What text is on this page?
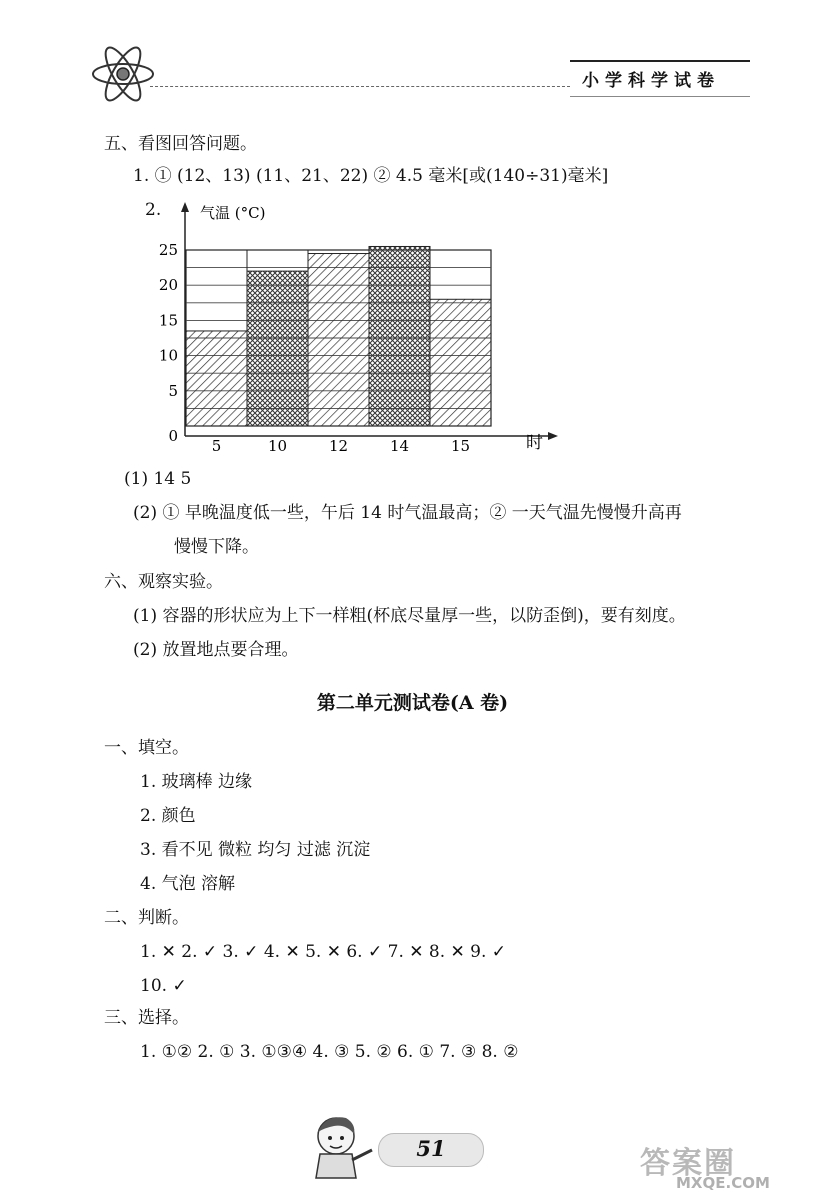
小学科学试卷
五、看图回答问题。
1. ① (12、13) (11、21、22) ② 4.5 毫米[或(140÷31)毫米]
2.
0
5
10
15
20
25
5	10	12	14	15
气温 (°C)
时
(1) 14 5
(2) ① 早晚温度低一些，午后 14 时气温最高；② 一天气温先慢慢升高再
慢慢下降。
六、观察实验。
(1) 容器的形状应为上下一样粗(杯底尽量厚一些，以防歪倒)，要有刻度。
(2) 放置地点要合理。
第二单元测试卷(A 卷)
一、填空。
1. 玻璃棒 边缘
2. 颜色
3. 看不见 微粒 均匀 过滤 沉淀
4. 气泡 溶解
二、判断。
1. ✕ 2. ✓ 3. ✓ 4. ✕ 5. ✕ 6. ✓ 7. ✕ 8. ✕ 9. ✓
10. ✓
三、选择。
1. ①② 2. ① 3. ①③④ 4. ③ 5. ② 6. ① 7. ③ 8. ②
51	答案圈
MXQE.COM
